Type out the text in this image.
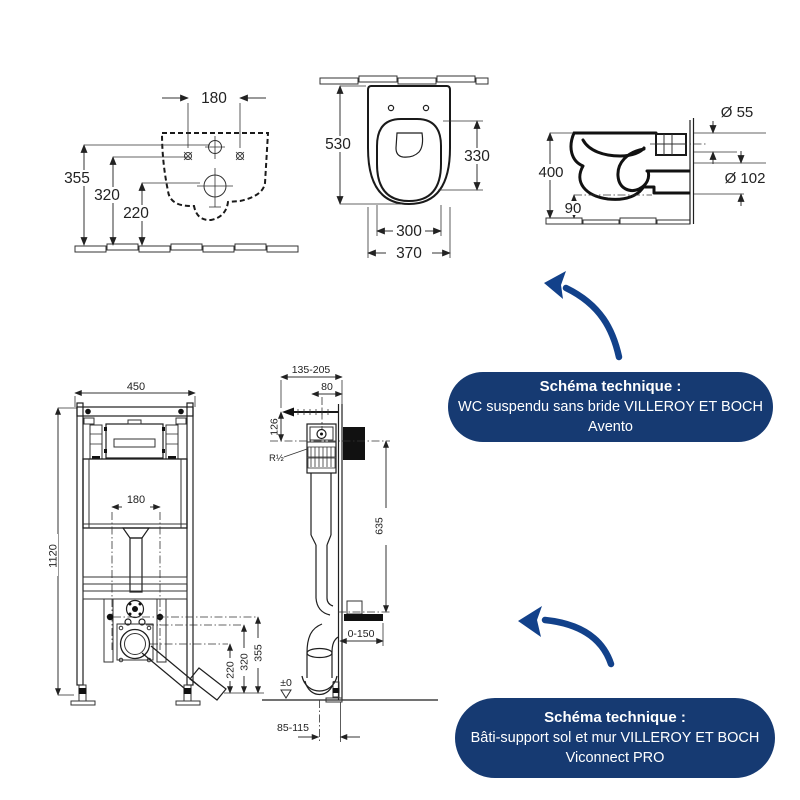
180
355
320
220
530
330
300
370
400
90
Ø 55
Ø 102
450
1120
180
220 320
355
135-205
80
126
R½
635
0-150
±0
85-115
Schéma technique :
WC suspendu sans bride VILLEROY ET BOCH
Avento
Schéma technique :
Bâti-support sol et mur VILLEROY ET BOCH
Viconnect PRO
